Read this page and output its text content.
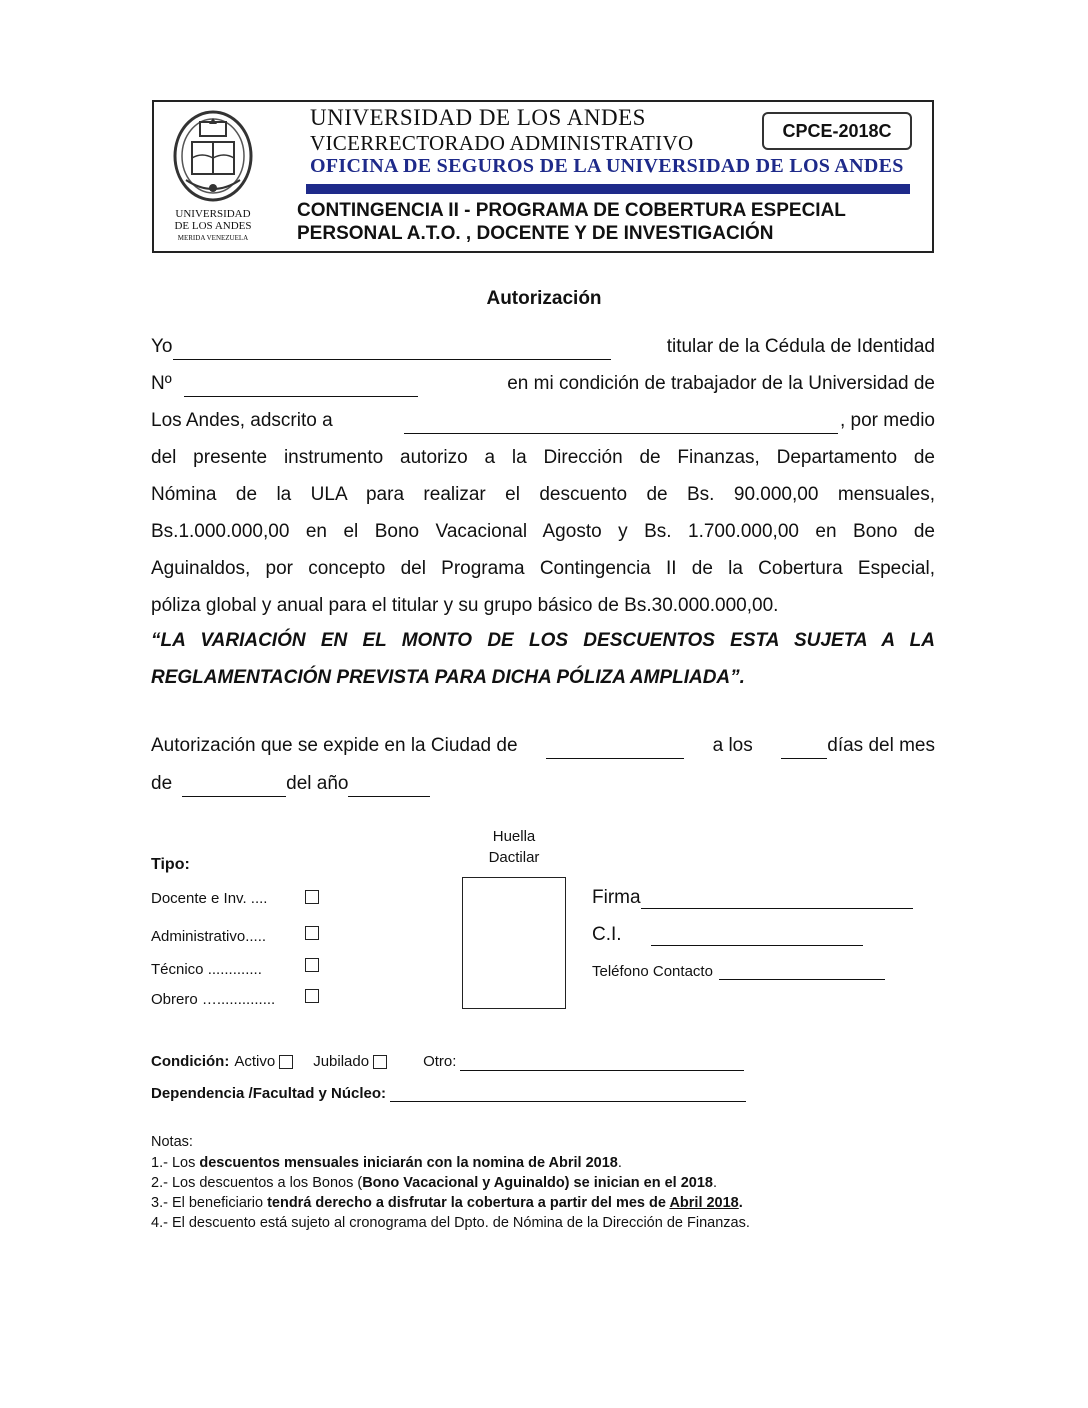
UNIVERSIDAD
DE LOS ANDES
MERIDA VENEZUELA
UNIVERSIDAD DE LOS ANDES
VICERRECTORADO ADMINISTRATIVO
OFICINA DE SEGUROS DE LA UNIVERSIDAD DE LOS ANDES
CPCE-2018C
CONTINGENCIA II - PROGRAMA DE COBERTURA ESPECIAL
PERSONAL A.T.O. , DOCENTE Y DE INVESTIGACIÓN
Autorización
Yo	titular de la Cédula de Identidad
Nº	en mi condición de trabajador de la Universidad de
Los Andes, adscrito a	, por medio
del presente instrumento autorizo a la Dirección de Finanzas, Departamento de
Nómina de la ULA para realizar el descuento de Bs. 90.000,00 mensuales,
Bs.1.000.000,00 en el Bono Vacacional Agosto y Bs. 1.700.000,00 en Bono de
Aguinaldos, por concepto del Programa Contingencia II de la Cobertura Especial,
póliza global y anual para el titular y su grupo básico de Bs.30.000.000,00.
“LA VARIACIÓN EN EL MONTO DE LOS DESCUENTOS ESTA SUJETA A LA
REGLAMENTACIÓN PREVISTA PARA DICHA PÓLIZA AMPLIADA”.
Autorización que se expide en la Ciudad de	a los	días del mes
de	del año
Tipo:
Docente e Inv. ....
Administrativo.....
Técnico .............
Obrero …..............
Huella
Dactilar
Firma
C.I.
Teléfono Contacto
Condición: Activo	Jubilado	Otro:
Dependencia /Facultad y Núcleo:
Notas:
1.- Los descuentos mensuales iniciarán con la nomina de Abril 2018.
2.- Los descuentos a los Bonos (Bono Vacacional y Aguinaldo) se inician en el 2018.
3.- El beneficiario tendrá derecho a disfrutar la cobertura a partir del mes de Abril 2018.
4.- El descuento está sujeto al cronograma del Dpto. de Nómina de la Dirección de Finanzas.
